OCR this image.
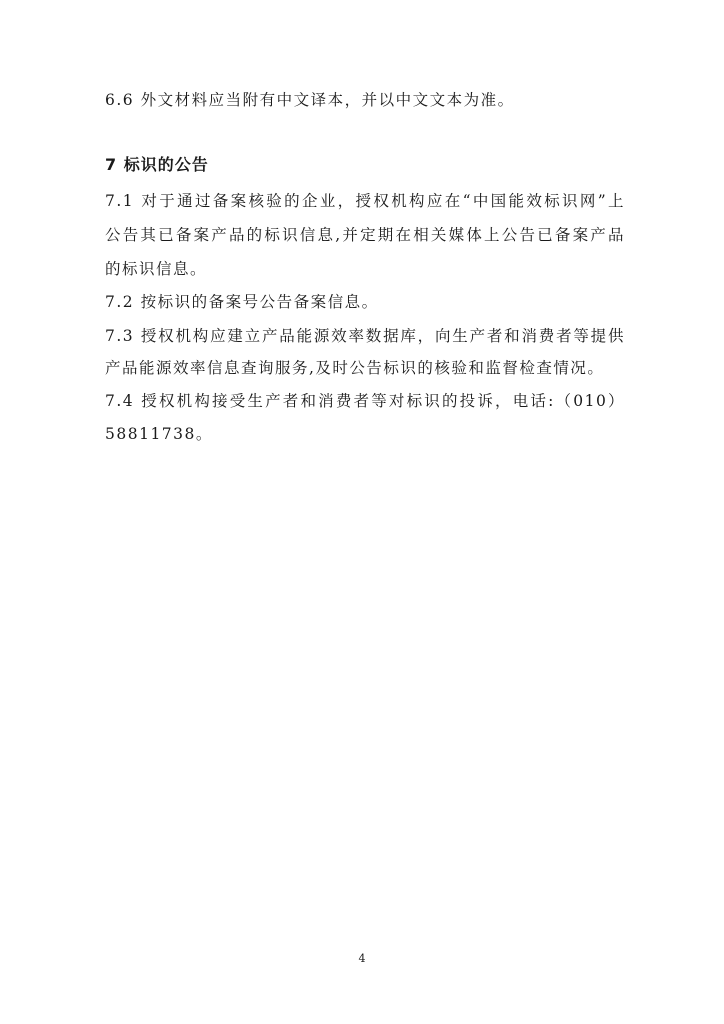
6.6 外文材料应当附有中文译本，并以中文文本为准。
7 标识的公告
7.1 对于通过备案核验的企业，授权机构应在“中国能效标识网”上
公告其已备案产品的标识信息,并定期在相关媒体上公告已备案产品
的标识信息。
7.2 按标识的备案号公告备案信息。
7.3 授权机构应建立产品能源效率数据库，向生产者和消费者等提供
产品能源效率信息查询服务,及时公告标识的核验和监督检查情况。
7.4 授权机构接受生产者和消费者等对标识的投诉，电话:（010）
58811738。
4
